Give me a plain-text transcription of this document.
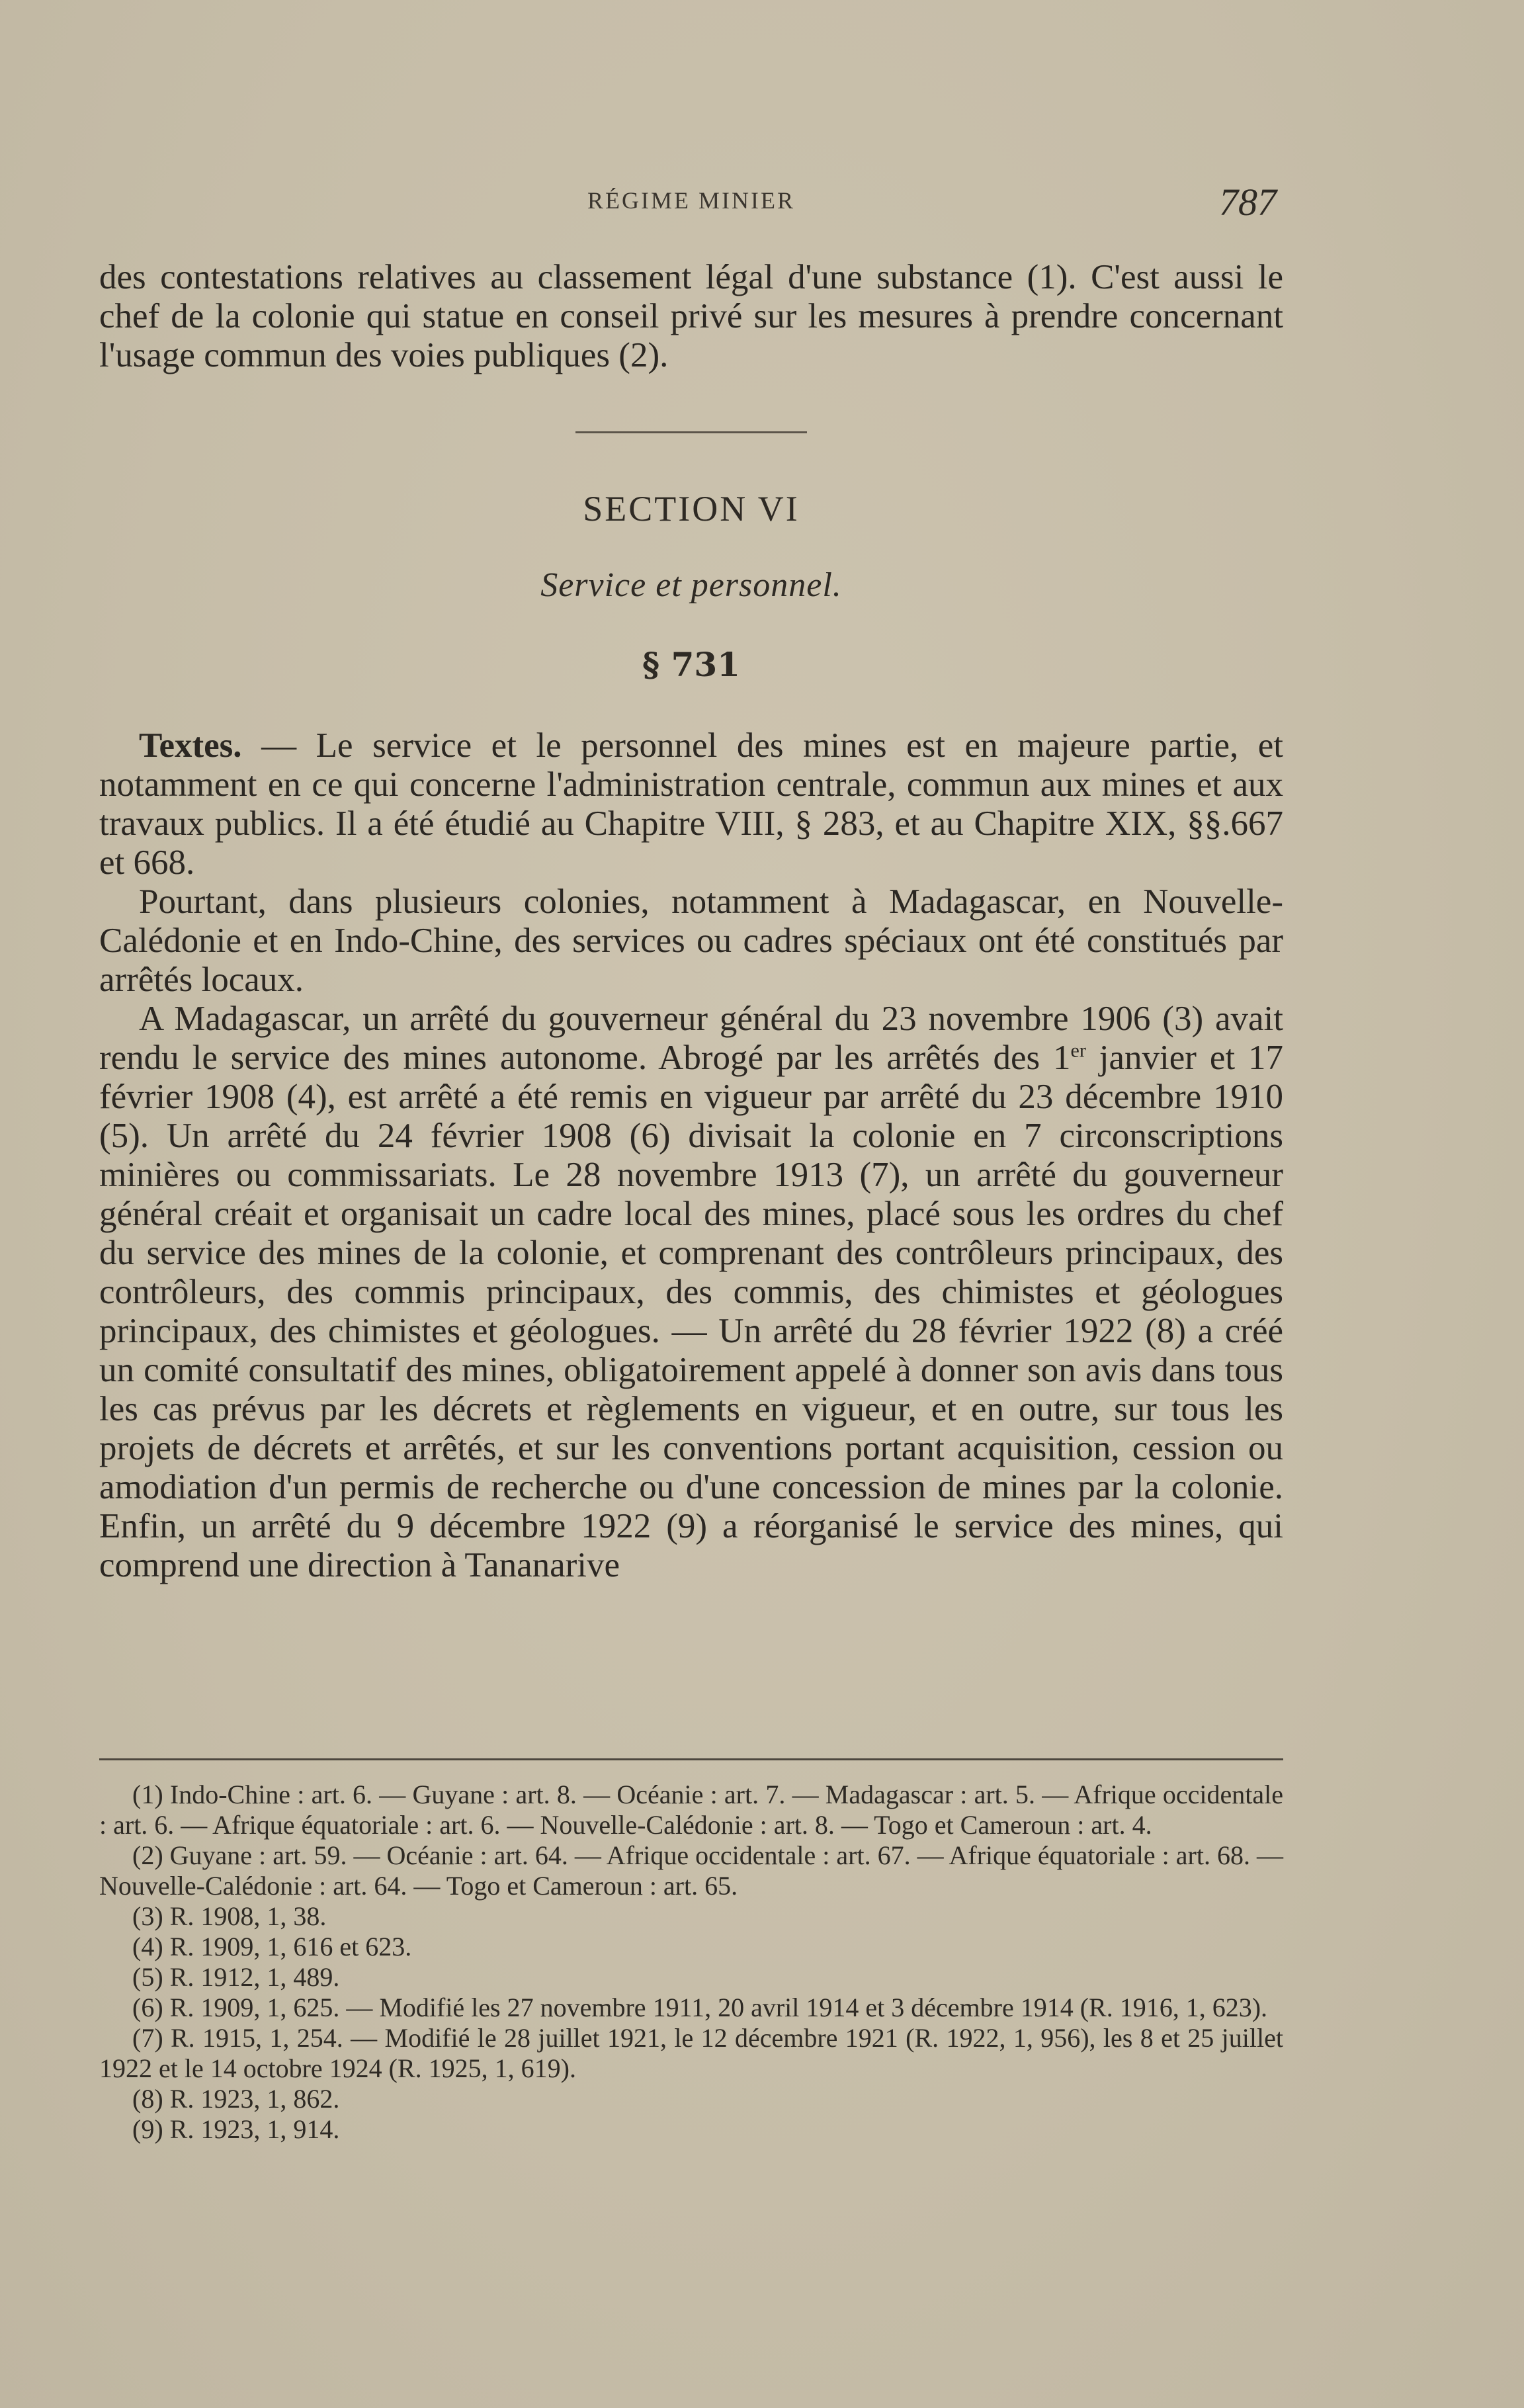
RÉGIME MINIER	787

des contestations relatives au classement légal d'une substance (1). C'est aussi le chef de la colonie qui statue en conseil privé sur les mesures à prendre concernant l'usage commun des voies publiques (2).

SECTION VI
Service et personnel.
§ 731

Textes. — Le service et le personnel des mines est en majeure partie, et notamment en ce qui concerne l'administration centrale, commun aux mines et aux travaux publics. Il a été étudié au Chapitre VIII, § 283, et au Chapitre XIX, §§.667 et 668.

Pourtant, dans plusieurs colonies, notamment à Madagascar, en Nouvelle-Calédonie et en Indo-Chine, des services ou cadres spéciaux ont été constitués par arrêtés locaux.

A Madagascar, un arrêté du gouverneur général du 23 novembre 1906 (3) avait rendu le service des mines autonome. Abrogé par les arrêtés des 1er janvier et 17 février 1908 (4), est arrêté a été remis en vigueur par arrêté du 23 décembre 1910 (5). Un arrêté du 24 février 1908 (6) divisait la colonie en 7 circonscriptions minières ou commissariats. Le 28 novembre 1913 (7), un arrêté du gouverneur général créait et organisait un cadre local des mines, placé sous les ordres du chef du service des mines de la colonie, et comprenant des contrôleurs principaux, des contrôleurs, des commis principaux, des commis, des chimistes et géologues principaux, des chimistes et géologues. — Un arrêté du 28 février 1922 (8) a créé un comité consultatif des mines, obligatoirement appelé à donner son avis dans tous les cas prévus par les décrets et règlements en vigueur, et en outre, sur tous les projets de décrets et arrêtés, et sur les conventions portant acquisition, cession ou amodiation d'un permis de recherche ou d'une concession de mines par la colonie. Enfin, un arrêté du 9 décembre 1922 (9) a réorganisé le service des mines, qui comprend une direction à Tananarive

(1) Indo-Chine : art. 6. — Guyane : art. 8. — Océanie : art. 7. — Madagascar : art. 5. — Afrique occidentale : art. 6. — Afrique équatoriale : art. 6. — Nouvelle-Calédonie : art. 8. — Togo et Cameroun : art. 4.

(2) Guyane : art. 59. — Océanie : art. 64. — Afrique occidentale : art. 67. — Afrique équatoriale : art. 68. — Nouvelle-Calédonie : art. 64. — Togo et Cameroun : art. 65.

(3) R. 1908, 1, 38.

(4) R. 1909, 1, 616 et 623.

(5) R. 1912, 1, 489.

(6) R. 1909, 1, 625. — Modifié les 27 novembre 1911, 20 avril 1914 et 3 décembre 1914 (R. 1916, 1, 623).

(7) R. 1915, 1, 254. — Modifié le 28 juillet 1921, le 12 décembre 1921 (R. 1922, 1, 956), les 8 et 25 juillet 1922 et le 14 octobre 1924 (R. 1925, 1, 619).

(8) R. 1923, 1, 862.

(9) R. 1923, 1, 914.
